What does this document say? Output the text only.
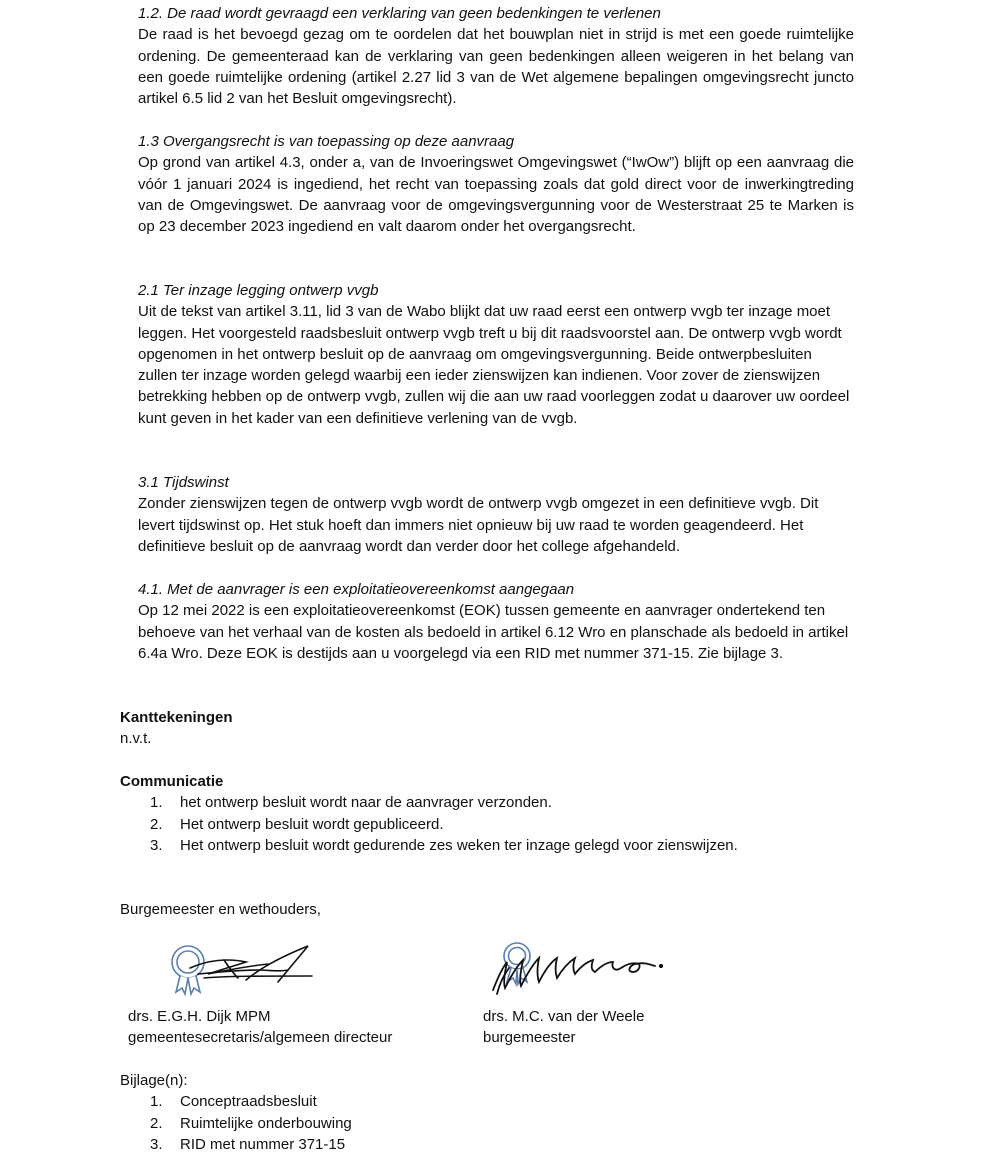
1.2. De raad wordt gevraagd een verklaring van geen bedenkingen te verlenen

De raad is het bevoegd gezag om te oordelen dat het bouwplan niet in strijd is met een goede ruimtelijke ordening. De gemeenteraad kan de verklaring van geen bedenkingen alleen weigeren in het belang van een goede ruimtelijke ordening (artikel 2.27 lid 3 van de Wet algemene bepalingen omgevingsrecht juncto artikel 6.5 lid 2 van het Besluit omgevingsrecht).

1.3 Overgangsrecht is van toepassing op deze aanvraag

Op grond van artikel 4.3, onder a, van de Invoeringswet Omgevingswet (“IwOw”) blijft op een aanvraag die vóór 1 januari 2024 is ingediend, het recht van toepassing zoals dat gold direct voor de inwerkingtreding van de Omgevingswet. De aanvraag voor de omgevingsvergunning voor de Westerstraat 25 te Marken is op 23 december 2023 ingediend en valt daarom onder het overgangsrecht.

2.1 Ter inzage legging ontwerp vvgb

Uit de tekst van artikel 3.11, lid 3 van de Wabo blijkt dat uw raad eerst een ontwerp vvgb ter inzage moet leggen. Het voorgesteld raadsbesluit ontwerp vvgb treft u bij dit raadsvoorstel aan. De ontwerp vvgb wordt opgenomen in het ontwerp besluit op de aanvraag om omgevingsvergunning. Beide ontwerpbesluiten zullen ter inzage worden gelegd waarbij een ieder zienswijzen kan indienen. Voor zover de zienswijzen betrekking hebben op de ontwerp vvgb, zullen wij die aan uw raad voorleggen zodat u daarover uw oordeel kunt geven in het kader van een definitieve verlening van de vvgb.

3.1 Tijdswinst

Zonder zienswijzen tegen de ontwerp vvgb wordt de ontwerp vvgb omgezet in een definitieve vvgb. Dit levert tijdswinst op. Het stuk hoeft dan immers niet opnieuw bij uw raad te worden geagendeerd. Het definitieve besluit op de aanvraag wordt dan verder door het college afgehandeld.

4.1. Met de aanvrager is een exploitatieovereenkomst aangegaan

Op 12 mei 2022 is een exploitatieovereenkomst (EOK) tussen gemeente en aanvrager ondertekend ten behoeve van het verhaal van de kosten als bedoeld in artikel 6.12 Wro en planschade als bedoeld in artikel 6.4a Wro. Deze EOK is destijds aan u voorgelegd via een RID met nummer 371-15. Zie bijlage 3.

Kanttekeningen

n.v.t.

Communicatie

1. het ontwerp besluit wordt naar de aanvrager verzonden.
2. Het ontwerp besluit wordt gepubliceerd.
3. Het ontwerp besluit wordt gedurende zes weken ter inzage gelegd voor zienswijzen.

Burgemeester en wethouders,

drs. E.G.H. Dijk MPM

gemeentesecretaris/algemeen directeur

drs. M.C. van der Weele

burgemeester

Bijlage(n):

1. Conceptraadsbesluit
2. Ruimtelijke onderbouwing
3. RID met nummer 371-15
